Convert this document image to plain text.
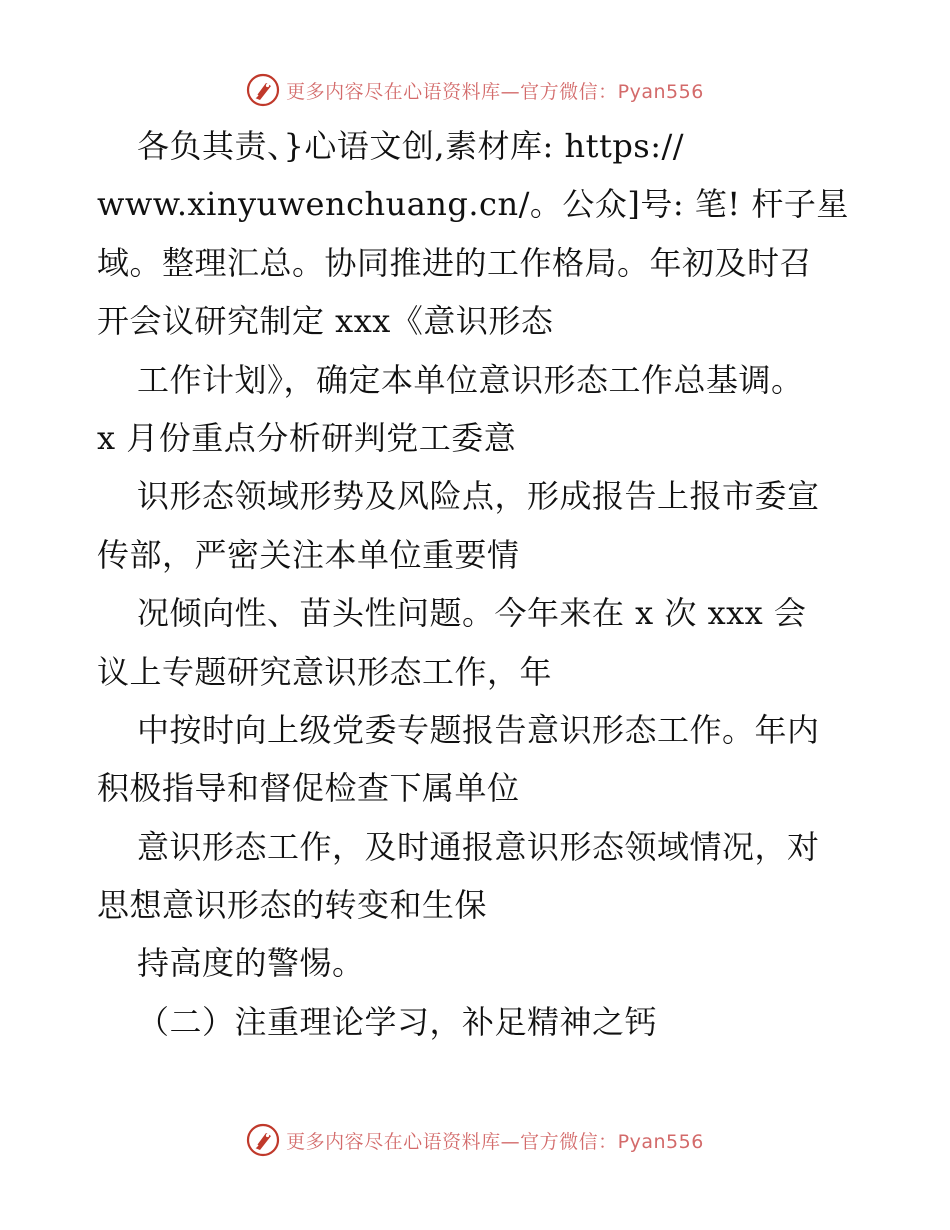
更多内容尽在心语资料库—官方微信：Pyan556
各负其责、}心语文创,素材库: https://
www.xinyuwenchuang.cn/。公众]号: 笔! 杆子星
域。整理汇总。协同推进的工作格局。年初及时召
开会议研究制定 xxx《意识形态
工作计划》，确定本单位意识形态工作总基调。
x 月份重点分析研判党工委意
识形态领域形势及风险点，形成报告上报市委宣
传部，严密关注本单位重要情
况倾向性、苗头性问题。今年来在 x 次 xxx 会
议上专题研究意识形态工作，年
中按时向上级党委专题报告意识形态工作。年内
积极指导和督促检查下属单位
意识形态工作，及时通报意识形态领域情况，对
思想意识形态的转变和生保
持高度的警惕。
（二）注重理论学习，补足精神之钙
更多内容尽在心语资料库—官方微信：Pyan556
